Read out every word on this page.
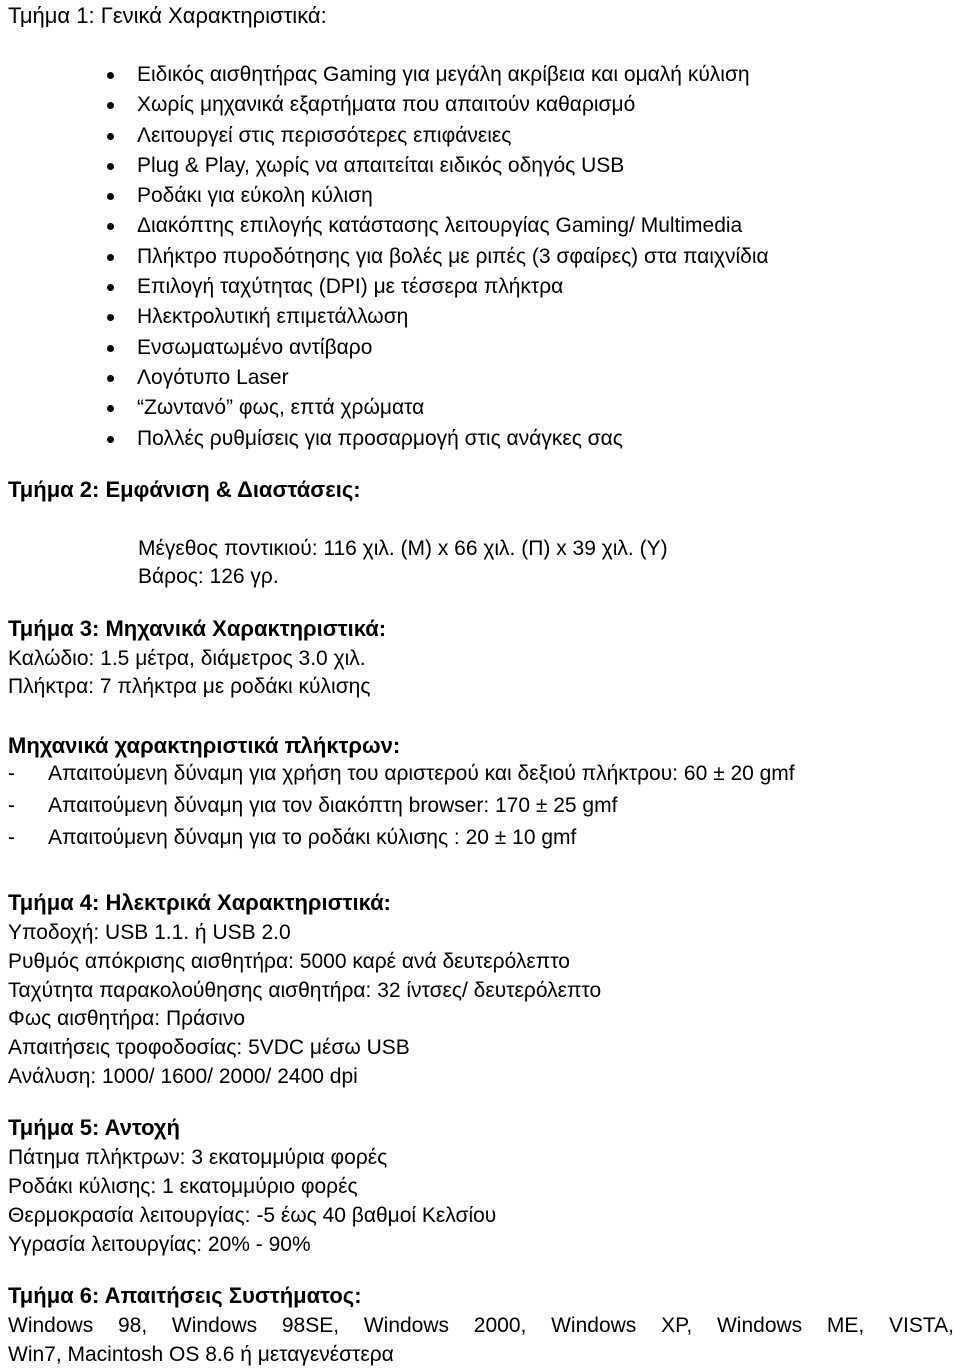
Τμήμα 1: Γενικά Χαρακτηριστικά:
Ειδικός αισθητήρας Gaming για μεγάλη ακρίβεια και ομαλή κύλιση
Χωρίς μηχανικά εξαρτήματα που απαιτούν καθαρισμό
Λειτουργεί στις περισσότερες επιφάνειες
Plug & Play, χωρίς να απαιτείται ειδικός οδηγός USB
Ροδάκι για εύκολη κύλιση
Διακόπτης επιλογής κατάστασης λειτουργίας Gaming/ Multimedia
Πλήκτρο πυροδότησης για βολές με ριπές (3 σφαίρες) στα παιχνίδια
Επιλογή ταχύτητας (DPI) με τέσσερα πλήκτρα
Ηλεκτρολυτική επιμετάλλωση
Ενσωματωμένο αντίβαρο
Λογότυπο Laser
“Ζωντανό” φως, επτά χρώματα
Πολλές ρυθμίσεις για προσαρμογή στις ανάγκες σας
Τμήμα 2: Εμφάνιση & Διαστάσεις:
Μέγεθος ποντικιού: 116 χιλ. (Μ) x 66 χιλ. (Π) x 39 χιλ. (Υ)
Βάρος: 126 γρ.
Τμήμα 3: Μηχανικά Χαρακτηριστικά:
Καλώδιο: 1.5 μέτρα, διάμετρος 3.0 χιλ.
Πλήκτρα: 7 πλήκτρα με ροδάκι κύλισης
Μηχανικά χαρακτηριστικά πλήκτρων:
- Απαιτούμενη δύναμη για χρήση του αριστερού και δεξιού πλήκτρου: 60 ± 20 gmf
- Απαιτούμενη δύναμη για τον διακόπτη browser: 170 ± 25 gmf
- Απαιτούμενη δύναμη για το ροδάκι κύλισης : 20 ± 10 gmf
Τμήμα 4: Ηλεκτρικά Χαρακτηριστικά:
Υποδοχή: USB 1.1. ή USB 2.0
Ρυθμός απόκρισης αισθητήρα: 5000 καρέ ανά δευτερόλεπτο
Ταχύτητα παρακολούθησης αισθητήρα: 32 ίντσες/ δευτερόλεπτο
Φως αισθητήρα: Πράσινο
Απαιτήσεις τροφοδοσίας: 5VDC μέσω USB
Ανάλυση: 1000/ 1600/ 2000/ 2400 dpi
Τμήμα 5: Αντοχή
Πάτημα πλήκτρων: 3 εκατομμύρια φορές
Ροδάκι κύλισης: 1 εκατομμύριο φορές
Θερμοκρασία λειτουργίας: -5 έως 40 βαθμοί Κελσίου
Υγρασία λειτουργίας: 20% - 90%
Τμήμα 6: Απαιτήσεις Συστήματος:
Windows 98, Windows 98SE, Windows 2000, Windows XP, Windows ME, VISTA,
Win7, Macintosh OS 8.6 ή μεταγενέστερα
